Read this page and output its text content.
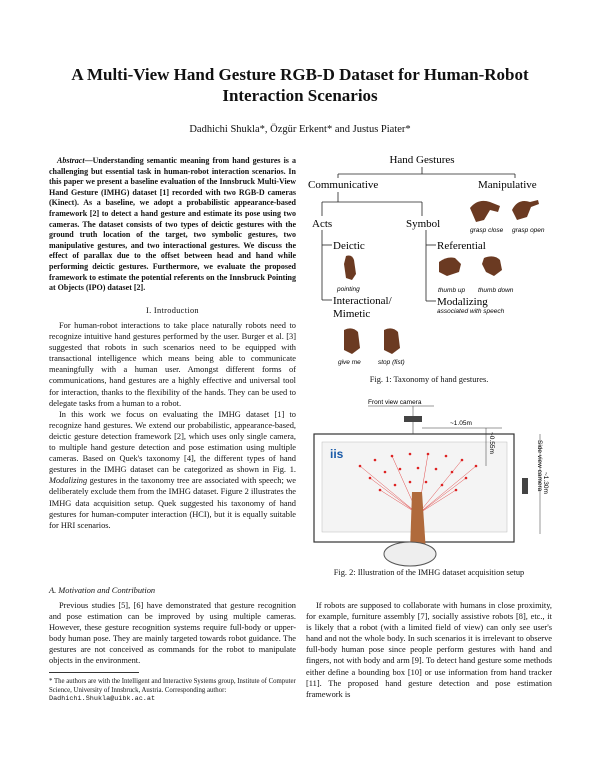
A Multi-View Hand Gesture RGB-D Dataset for Human-Robot Interaction Scenarios
Dadhichi Shukla*, Özgür Erkent* and Justus Piater*
Abstract—Understanding semantic meaning from hand gestures is a challenging but essential task in human-robot interaction scenarios. In this paper we present a baseline evaluation of the Innsbruck Multi-View Hand Gesture (IMHG) dataset [1] recorded with two RGB-D cameras (Kinect). As a baseline, we adopt a probabilistic appearance-based framework [2] to detect a hand gesture and estimate its pose using two cameras. The dataset consists of two types of deictic gestures with the ground truth location of the target, two symbolic gestures, two manipulative gestures, and two interactional gestures. We discuss the effect of parallax due to the offset between head and hand while performing deictic gestures. Furthermore, we evaluate the proposed framework to estimate the potential referents on the Innsbruck Pointing at Objects (IPO) dataset [2].
I. Introduction

For human-robot interactions to take place naturally robots need to recognize intuitive hand gestures performed by the user. Burger et al. [3] suggested that robots in such scenarios need to be equipped with transactional intelligence which means being able to communicate meaningfully with a human user. Amongst different forms of communications, hand gestures are a highly effective and universal tool for interaction, thanks to the flexibility of the hands. They can be used to delegate tasks from a human to a robot.

In this work we focus on evaluating the IMHG dataset [1] to recognize hand gestures. We extend our probabilistic, appearance-based, deictic gesture detection framework [2], which uses only single camera, to multiple hand gesture detection and pose estimation using multiple cameras. Based on Quek's taxonomy [4], the different types of hand gestures in the IMHG dataset can be categorized as shown in Fig. 1. Modalizing gestures in the taxonomy tree are associated with speech; we deliberately exclude them from the IMHG dataset. Figure 2 illustrates the IMHG data acquisition setup. Quek suggested his taxonomy of hand gestures for human-computer interaction (HCI), but it is equally suitable for HRI scenarios.

A. Motivation and Contribution

Previous studies [5], [6] have demonstrated that gesture recognition and pose estimation can be improved by using multiple cameras. However, these gesture recognition systems require full-body or upper-body human pose. They are mainly targeted towards robot guidance. The gestures are not conceived as commands for the robot to manipulate objects in the environment.

* The authors are with the Intelligent and Interactive Systems group, Institute of Computer Science, University of Innsbruck, Austria. Corresponding author: Dadhichi.Shukla@uibk.ac.at
Hand Gestures
Communicative	Manipulative
Acts	Symbol
Deictic	Referential
Interactional/
Mimetic
Modalizing
associated with speech
grasp close grasp open
pointing	thumb up thumb down
give me	stop (fist)
Fig. 1: Taxonomy of hand gestures.
iis
Front view camera
Side view camera
~1.05m
~0.55m
~1.30m
Fig. 2: Illustration of the IMHG dataset acquisition setup

If robots are supposed to collaborate with humans in close proximity, for example, furniture assembly [7], socially assistive robots [8], etc., it is likely that a robot (with a limited field of view) can only see user's hand and not the whole body. In such scenarios it is irrelevant to observe full-body human pose since people perform gestures with hand and fingers, not with body and arm [9]. To detect hand gesture some methods either define a bounding box [10] or use information from hand tracker [11]. The proposed hand gesture detection and pose estimation framework is
